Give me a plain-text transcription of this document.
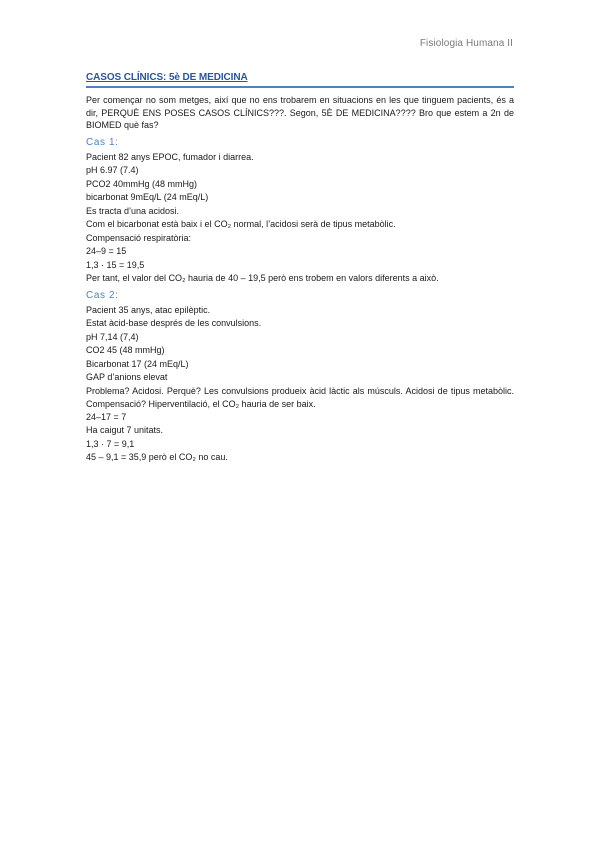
Fisiologia Humana II
CASOS CLÍNICS: 5è DE MEDICINA

Per començar no som metges, així que no ens trobarem en situacions en les que tinguem pacients, és a dir, PERQUÈ ENS POSES CASOS CLÍNICS???. Segon, 5È DE MEDICINA???? Bro que estem a 2n de BIOMED què fas?

Cas 1:

Pacient 82 anys EPOC, fumador i diarrea.

pH 6.97 (7.4)

PCO2 40mmHg (48 mmHg)

bicarbonat 9mEq/L (24 mEq/L)

Es tracta d’una acidosi.

Com el bicarbonat està baix i el CO₂ normal, l’acidosi serà de tipus metabòlic.

Compensació respiratòria:

24–9 = 15

1,3 · 15 = 19,5

Per tant, el valor del CO₂ hauria de 40 – 19,5 però ens trobem en valors diferents a això.

Cas 2:

Pacient 35 anys, atac epilèptic.

Estat àcid-base després de les convulsions.

pH 7,14 (7,4)

CO2 45 (48 mmHg)

Bicarbonat 17 (24 mEq/L)

GAP d’anions elevat

Problema? Acidosi. Perquè? Les convulsions produeix àcid làctic als músculs. Acidosi de tipus metabòlic. Compensació? Hiperventilació, el CO₂ hauria de ser baix.

24–17 = 7

Ha caigut 7 unitats.

1,3 · 7 = 9,1

45 – 9,1 = 35,9 però el CO₂ no cau.
